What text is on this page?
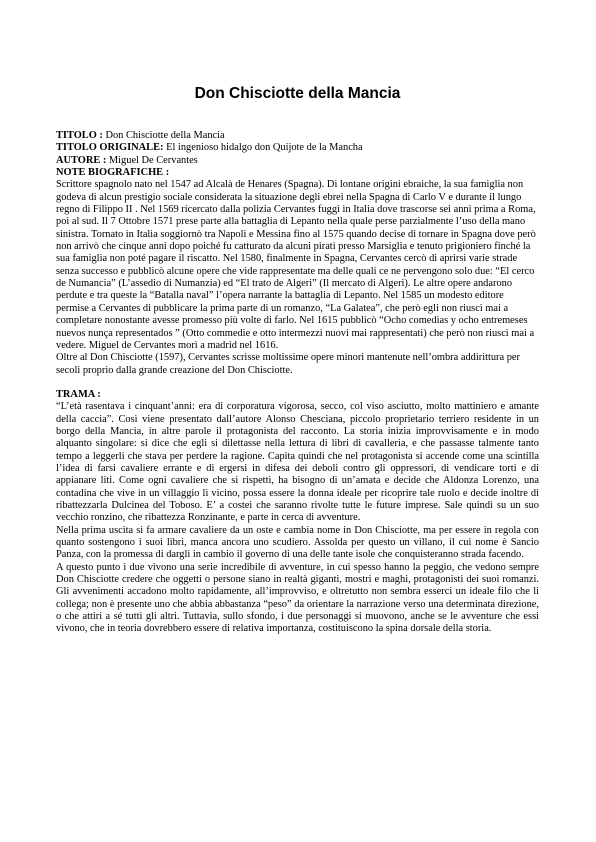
Don Chisciotte della Mancia

TITOLO : Don Chisciotte della Mancia

TITOLO ORIGINALE: El ingenioso hidalgo don Quijote de la Mancha

AUTORE : Miguel De Cervantes

NOTE BIOGRAFICHE :

Scrittore spagnolo nato nel 1547 ad Alcalà de Henares (Spagna). Di lontane origini ebraiche, la sua famiglia non godeva di alcun prestigio sociale considerata la situazione degli ebrei nella Spagna di Carlo V e durante il lungo regno di Filippo II . Nel 1569 ricercato dalla polizia Cervantes fuggì in Italia dove trascorse sei anni prima a Roma, poi al sud. Il 7 Ottobre 1571 prese parte alla battaglia di Lepanto nella quale perse parzialmente l’uso della mano sinistra. Tornato in Italia soggiornò tra Napoli e Messina fino al 1575 quando decise di tornare in Spagna dove però non arrivò che cinque anni dopo poiché fu catturato da alcuni pirati presso Marsiglia e tenuto prigioniero finché la sua famiglia non poté pagare il riscatto. Nel 1580, finalmente in Spagna, Cervantes cercò di aprirsi varie strade senza successo e pubblicò alcune opere che vide rappresentate ma delle quali ce ne pervengono solo due: “El cerco de Numancia” (L’assedio di Numanzia) ed “El trato de Algeri” (Il mercato di Algeri). Le altre opere andarono perdute e tra queste la “Batalla naval” l’opera narrante la battaglia di Lepanto. Nel 1585 un modesto editore permise a Cervantes di pubblicare la prima parte di un romanzo, “La Galatea”, che però egli non riuscì mai a completare nonostante avesse promesso più volte di farlo. Nel 1615 pubblicò “Ocho comedias y ocho entremeses nuevos nunça representados ” (Otto commedie e otto intermezzi nuovi mai rappresentati) che però non riuscì mai a vedere. Miguel de Cervantes morì a madrid nel 1616.

Oltre al Don Chisciotte (1597), Cervantes scrisse moltissime opere minori mantenute nell’ombra addirittura per secoli proprio dalla grande creazione del Don Chisciotte.

TRAMA :

“L’età rasentava i cinquant’anni: era di corporatura vigorosa, secco, col viso asciutto, molto mattiniero e amante della caccia”. Così viene presentato dall’autore Alonso Chesciana, piccolo proprietario terriero residente in un borgo della Mancia, in altre parole il protagonista del racconto. La storia inizia improvvisamente e in modo alquanto singolare: si dice che egli si dilettasse nella lettura di libri di cavalleria, e che passasse talmente tanto tempo a leggerli che stava per perdere la ragione. Capita quindi che nel protagonista si accende come una scintilla l’idea di farsi cavaliere errante e di ergersi in difesa dei deboli contro gli oppressori, di vendicare torti e di appianare liti. Come ogni cavaliere che si rispetti, ha bisogno di un’amata e decide che Aldonza Lorenzo, una contadina che vive in un villaggio lì vicino, possa essere la donna ideale per ricoprire tale ruolo e decide inoltre di ribattezzarla Dulcinea del Toboso. E’ a costei che saranno rivolte tutte le future imprese. Sale quindi su un suo vecchio ronzino, che ribattezza Ronzinante, e parte in cerca di avventure.

Nella prima uscita si fa armare cavaliere da un oste e cambia nome in Don Chisciotte, ma per essere in regola con quanto sostengono i suoi libri, manca ancora uno scudiero. Assolda per questo un villano, il cui nome è Sancio Panza, con la promessa di dargli in cambio il governo di una delle tante isole che conquisteranno strada facendo.

A questo punto i due vivono una serie incredibile di avventure, in cui spesso hanno la peggio, che vedono sempre Don Chisciotte credere che oggetti o persone siano in realtà giganti, mostri e maghi, protagonisti dei suoi romanzi. Gli avvenimenti accadono molto rapidamente, all’improvviso, e oltretutto non sembra esserci un ideale filo che li collega; non è presente uno che abbia abbastanza “peso” da orientare la narrazione verso una determinata direzione, o che attiri a sé tutti gli altri. Tuttavia, sullo sfondo, i due personaggi si muovono, anche se le avventure che essi vivono, che in teoria dovrebbero essere di relativa importanza, costituiscono la spina dorsale della storia.
